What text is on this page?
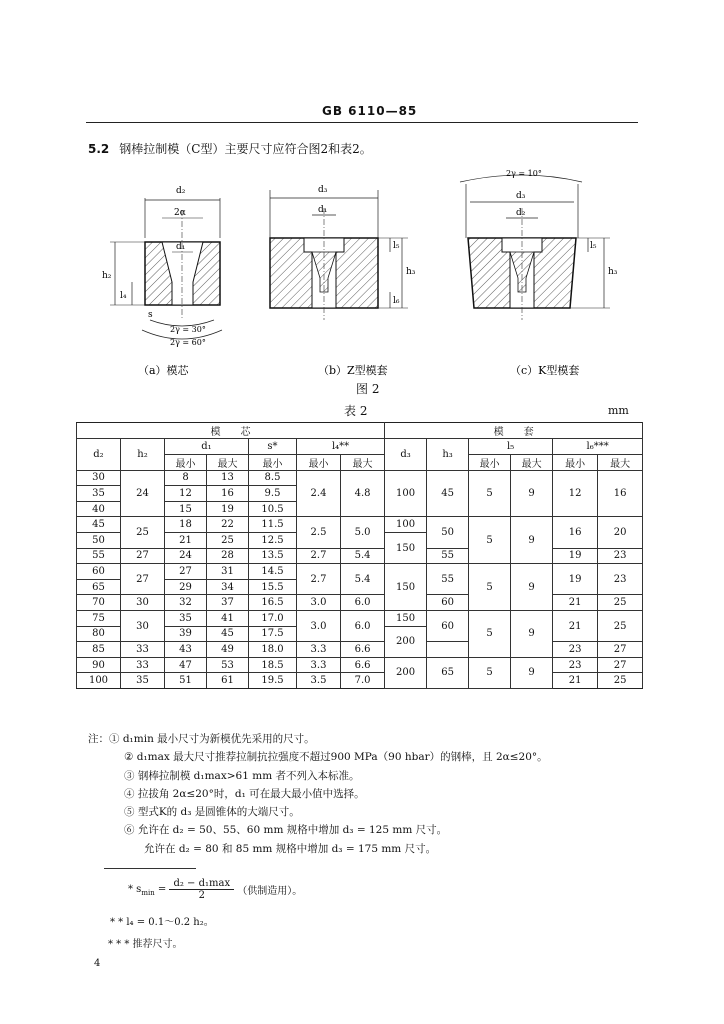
GB 6110—85
5.2 钢棒拉制模（C型）主要尺寸应符合图2和表2。
d₂
2α
d₁
h₂
l₄
s
2γ = 30°
2γ = 60°
d₃
d₁
l₅
h₃
l₆
2γ = 10°
d₃
d₂
l₅
h₃
（a）模芯	（b）Z型模套	（c）K型模套
图 2
表 2	mm
模　　芯							模　　套					
d₂	h₂	d₁		s*	l₄**		d₃	h₃	l₅		l₆***	
		最小	最大	最小	最小	最大			最小	最大	最小	最大
30	24	8	13	8.5	2.4	4.8	100	45	5	9	12	16
35		12	16	9.5								
40		15	19	10.5								
45	25	18	22	11.5	2.5	5.0	100	50	5	9	16	20
50		21	25	12.5			150					
55	27	24	28	13.5	2.7	5.4		55			19	23
60	27	27	31	14.5	2.7	5.4	150	55	5	9	19	23
65		29	34	15.5								
70	30	32	37	16.5	3.0	6.0		60			21	25
75	30	35	41	17.0	3.0	6.0	150	60	5	9	21	25
80		39	45	17.5			200					
85	33	43	49	18.0	3.3	6.6					23	27
90	33	47	53	18.5	3.3	6.6	200	65	5	9	23	27
100	35	51	61	19.5	3.5	7.0					21	25
注：① d₁min 最小尺寸为新模优先采用的尺寸。
② d₁max 最大尺寸推荐拉制抗拉强度不超过900 MPa（90 hbar）的钢棒，且 2α≤20°。
③ 钢棒拉制模 d₁max>61 mm 者不列入本标准。
④ 拉拔角 2α≤20°时，d₁ 可在最大最小值中选择。
⑤ 型式K的 d₃ 是圆锥体的大端尺寸。
⑥ 允许在 d₂ = 50、55、60 mm 规格中增加 d₃ = 125 mm 尺寸。
允许在 d₂ = 80 和 85 mm 规格中增加 d₃ = 175 mm 尺寸。
* $s_{min}$ =
d₂ − d₁max
2	（供制造用）。
* * l₄ = 0.1～0.2 h₂。
* * * 推荐尺寸。
4
